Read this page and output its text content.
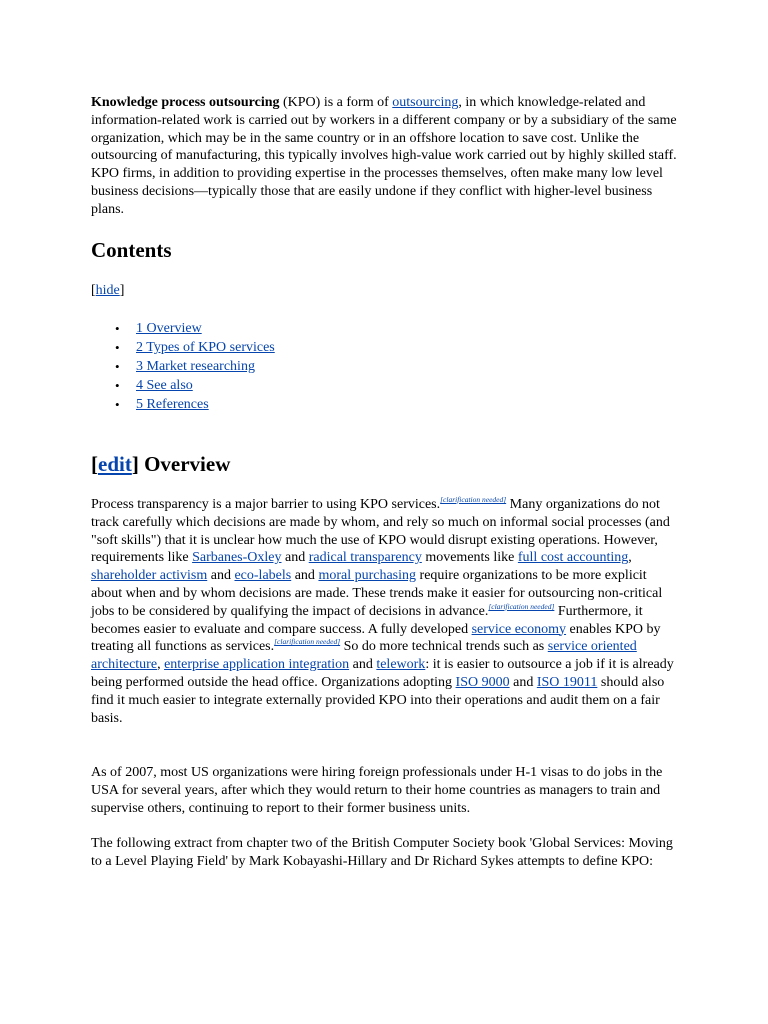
Knowledge process outsourcing (KPO) is a form of outsourcing, in which knowledge-related and information-related work is carried out by workers in a different company or by a subsidiary of the same organization, which may be in the same country or in an offshore location to save cost. Unlike the outsourcing of manufacturing, this typically involves high-value work carried out by highly skilled staff. KPO firms, in addition to providing expertise in the processes themselves, often make many low level business decisions—typically those that are easily undone if they conflict with higher-level business plans.

Contents
[hide]
• 1 Overview
• 2 Types of KPO services
• 3 Market researching
• 4 See also
• 5 References
[edit] Overview

Process transparency is a major barrier to using KPO services.[clarification needed] Many organizations do not track carefully which decisions are made by whom, and rely so much on informal social processes (and "soft skills") that it is unclear how much the use of KPO would disrupt existing operations. However, requirements like Sarbanes-Oxley and radical transparency movements like full cost accounting, shareholder activism and eco-labels and moral purchasing require organizations to be more explicit about when and by whom decisions are made. These trends make it easier for outsourcing non-critical jobs to be considered by qualifying the impact of decisions in advance.[clarification needed] Furthermore, it becomes easier to evaluate and compare success. A fully developed service economy enables KPO by treating all functions as services.[clarification needed] So do more technical trends such as service oriented architecture, enterprise application integration and telework: it is easier to outsource a job if it is already being performed outside the head office. Organizations adopting ISO 9000 and ISO 19011 should also find it much easier to integrate externally provided KPO into their operations and audit them on a fair basis.

As of 2007, most US organizations were hiring foreign professionals under H-1 visas to do jobs in the USA for several years, after which they would return to their home countries as managers to train and supervise others, continuing to report to their former business units.

The following extract from chapter two of the British Computer Society book 'Global Services: Moving to a Level Playing Field' by Mark Kobayashi-Hillary and Dr Richard Sykes attempts to define KPO:
